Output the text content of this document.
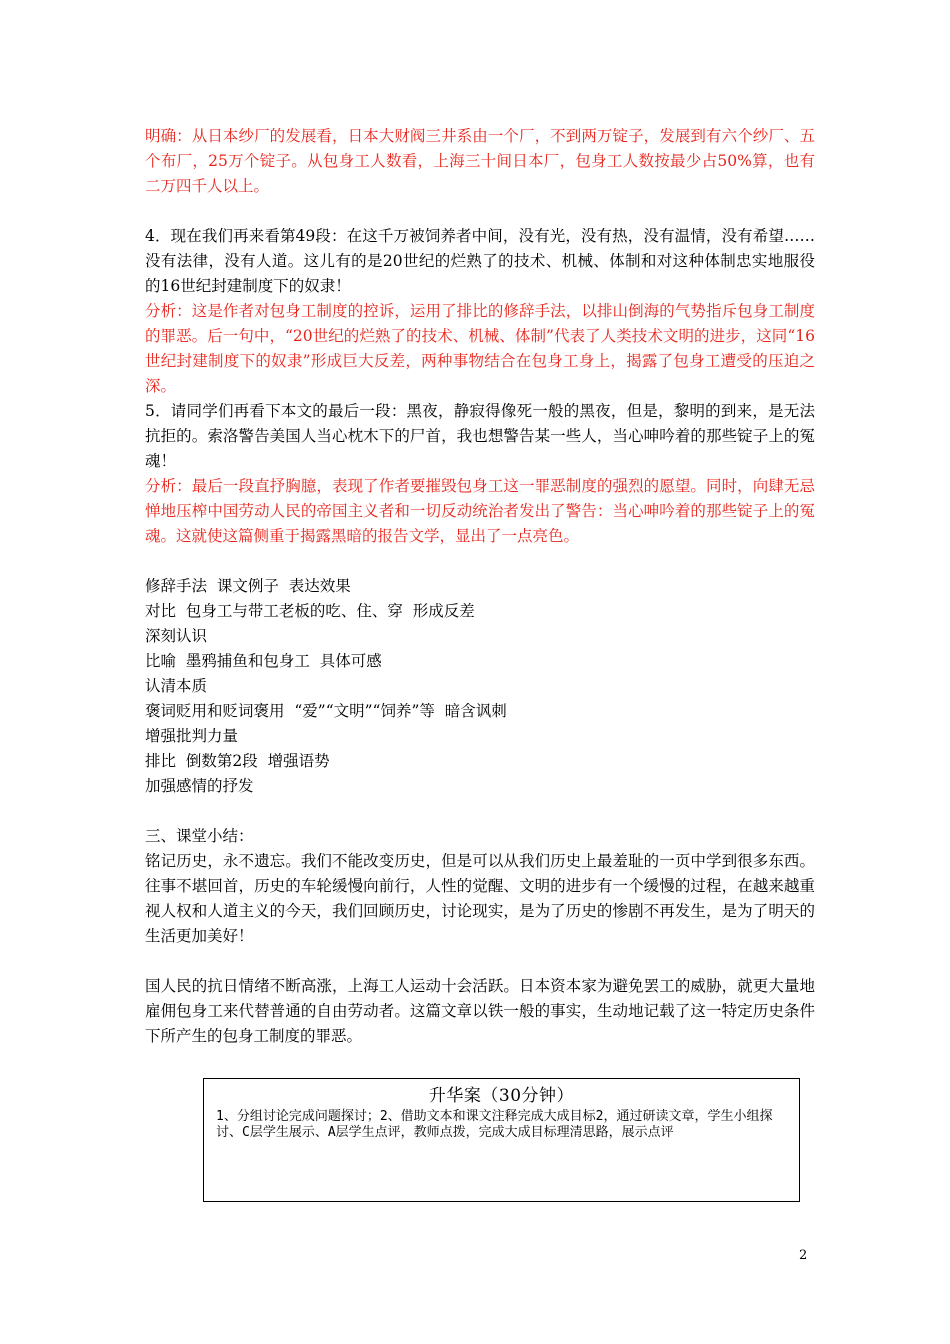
明确：从日本纱厂的发展看，日本大财阀三井系由一个厂，不到两万锭子，发展到有六个纱厂、五个布厂，25万个锭子。从包身工人数看，上海三十间日本厂，包身工人数按最少占50%算，也有二万四千人以上。

4．现在我们再来看第49段：在这千万被饲养者中间，没有光，没有热，没有温情，没有希望……没有法律，没有人道。这儿有的是20世纪的烂熟了的技术、机械、体制和对这种体制忠实地服役的16世纪封建制度下的奴隶！

分析：这是作者对包身工制度的控诉，运用了排比的修辞手法，以排山倒海的气势指斥包身工制度的罪恶。后一句中，“20世纪的烂熟了的技术、机械、体制”代表了人类技术文明的进步，这同“16世纪封建制度下的奴隶”形成巨大反差，两种事物结合在包身工身上，揭露了包身工遭受的压迫之深。

5．请同学们再看下本文的最后一段：黑夜，静寂得像死一般的黑夜，但是，黎明的到来，是无法抗拒的。索洛警告美国人当心枕木下的尸首，我也想警告某一些人，当心呻吟着的那些锭子上的冤魂！

分析：最后一段直抒胸臆，表现了作者要摧毁包身工这一罪恶制度的强烈的愿望。同时，向肆无忌惮地压榨中国劳动人民的帝国主义者和一切反动统治者发出了警告：当心呻吟着的那些锭子上的冤魂。这就使这篇侧重于揭露黑暗的报告文学，显出了一点亮色。

修辞手法  课文例子  表达效果

对比  包身工与带工老板的吃、住、穿  形成反差

深刻认识

比喻  墨鸦捕鱼和包身工  具体可感

认清本质

褒词贬用和贬词褒用  “爱”“文明”“饲养”等  暗含讽刺

增强批判力量

排比  倒数第2段  增强语势

加强感情的抒发

三、课堂小结：

铭记历史，永不遗忘。我们不能改变历史，但是可以从我们历史上最羞耻的一页中学到很多东西。往事不堪回首，历史的车轮缓慢向前行，人性的觉醒、文明的进步有一个缓慢的过程，在越来越重视人权和人道主义的今天，我们回顾历史，讨论现实，是为了历史的惨剧不再发生，是为了明天的生活更加美好！

国人民的抗日情绪不断高涨，上海工人运动十会活跃。日本资本家为避免罢工的威胁，就更大量地雇佣包身工来代替普通的自由劳动者。这篇文章以铁一般的事实，生动地记载了这一特定历史条件下所产生的包身工制度的罪恶。

升华案（30分钟）

1、分组讨论完成问题探讨；2、借助文本和课文注释完成大成目标2，通过研读文章，学生小组探讨、C层学生展示、A层学生点评，教师点拨，完成大成目标理清思路，展示点评

2
